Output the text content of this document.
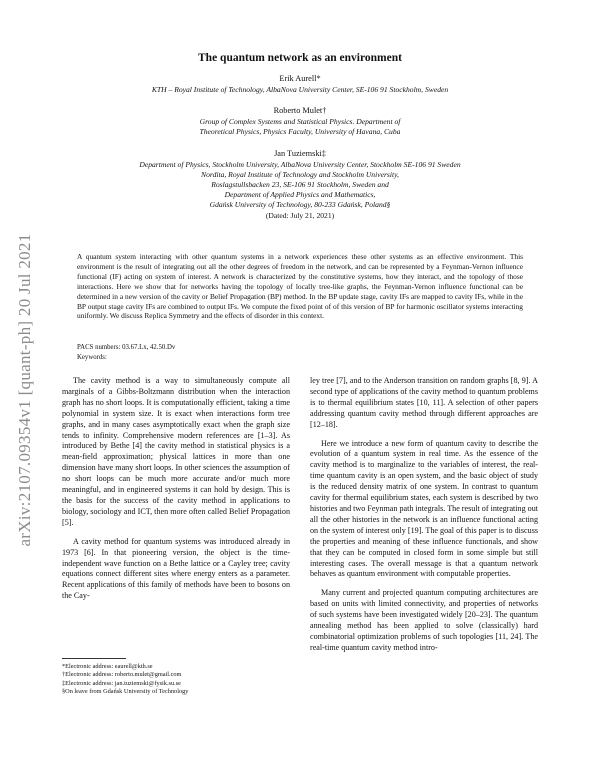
arXiv:2107.09354v1 [quant-ph] 20 Jul 2021
The quantum network as an environment
Erik Aurell*
KTH – Royal Institute of Technology, AlbaNova University Center, SE-106 91 Stockholm, Sweden
Roberto Mulet†
Group of Complex Systems and Statistical Physics. Department of
Theoretical Physics, Physics Faculty, University of Havana, Cuba
Jan Tuziemski‡
Department of Physics, Stockholm University, AlbaNova University Center, Stockholm SE-106 91 Sweden
Nordita, Royal Institute of Technology and Stockholm University,
Roslagstullsbacken 23, SE-106 91 Stockholm, Sweden and
Department of Applied Physics and Mathematics,
Gdańsk University of Technology, 80-233 Gdańsk, Poland§
(Dated: July 21, 2021)
A quantum system interacting with other quantum systems in a network experiences these other systems as an effective environment. This environment is the result of integrating out all the other degrees of freedom in the network, and can be represented by a Feynman-Vernon influence functional (IF) acting on system of interest. A network is characterized by the constitutive systems, how they interact, and the topology of those interactions. Here we show that for networks having the topology of locally tree-like graphs, the Feynman-Vernon influence functional can be determined in a new version of the cavity or Belief Propagation (BP) method. In the BP update stage, cavity IFs are mapped to cavity IFs, while in the BP output stage cavity IFs are combined to output IFs. We compute the fixed point of of this version of BP for harmonic oscillator systems interacting uniformly. We discuss Replica Symmetry and the effects of disorder in this context.
PACS numbers: 03.67.Lx, 42.50.Dv
Keywords:

The cavity method is a way to simultaneously compute all marginals of a Gibbs-Boltzmann distribution when the interaction graph has no short loops. It is computationally efficient, taking a time polynomial in system size. It is exact when interactions form tree graphs, and in many cases asymptotically exact when the graph size tends to infinity. Comprehensive modern references are [1–3]. As introduced by Bethe [4] the cavity method in statistical physics is a mean-field approximation; physical lattices in more than one dimension have many short loops. In other sciences the assumption of no short loops can be much more accurate and/or much more meaningful, and in engineered systems it can hold by design. This is the basis for the success of the cavity method in applications to biology, sociology and ICT, then more often called Belief Propagation [5].

A cavity method for quantum systems was introduced already in 1973 [6]. In that pioneering version, the object is the time-independent wave function on a Bethe lattice or a Cayley tree; cavity equations connect different sites where energy enters as a parameter. Recent applications of this family of methods have been to bosons on the Cay-

ley tree [7], and to the Anderson transition on random graphs [8, 9]. A second type of applications of the cavity method to quantum problems is to thermal equilibrium states [10, 11]. A selection of other papers addressing quantum cavity method through different approaches are [12–18].

Here we introduce a new form of quantum cavity to describe the evolution of a quantum system in real time. As the essence of the cavity method is to marginalize to the variables of interest, the real-time quantum cavity is an open system, and the basic object of study is the reduced density matrix of one system. In contrast to quantum cavity for thermal equilibrium states, each system is described by two histories and two Feynman path integrals. The result of integrating out all the other histories in the network is an influence functional acting on the system of interest only [19]. The goal of this paper is to discuss the properties and meaning of these influence functionals, and show that they can be computed in closed form in some simple but still interesting cases. The overall message is that a quantum network behaves as quantum environment with computable properties.

Many current and projected quantum computing architectures are based on units with limited connectivity, and properties of networks of such systems have been investigated widely [20–23]. The quantum annealing method has been applied to solve (classically) hard combinatorial optimization problems of such topologies [11, 24]. The real-time quantum cavity method intro-

*Electronic address: eaurell@kth.se
†Electronic address: roberto.mulet@gmail.com
‡Electronic address: jan.tuziemski@fysik.su.se
§On leave from Gdańsk University of Technology
